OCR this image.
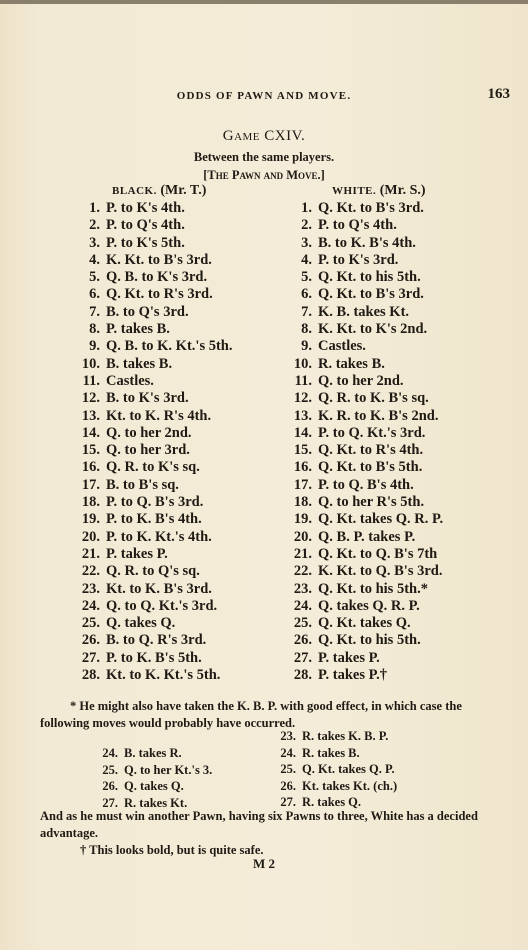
ODDS OF PAWN AND MOVE.	163
Game CXIV.
Between the same players.
[The Pawn and Move.]
BLACK. (Mr. T.)	WHITE. (Mr. S.)
1. P. to K's 4th.
2. P. to Q's 4th.
3. P. to K's 5th.
4. K. Kt. to B's 3rd.
5. Q. B. to K's 3rd.
6. Q. Kt. to R's 3rd.
7. B. to Q's 3rd.
8. P. takes B.
9. Q. B. to K. Kt.'s 5th.
10. B. takes B.
11. Castles.
12. B. to K's 3rd.
13. Kt. to K. R's 4th.
14. Q. to her 2nd.
15. Q. to her 3rd.
16. Q. R. to K's sq.
17. B. to B's sq.
18. P. to Q. B's 3rd.
19. P. to K. B's 4th.
20. P. to K. Kt.'s 4th.
21. P. takes P.
22. Q. R. to Q's sq.
23. Kt. to K. B's 3rd.
24. Q. to Q. Kt.'s 3rd.
25. Q. takes Q.
26. B. to Q. R's 3rd.
27. P. to K. B's 5th.
28. Kt. to K. Kt.'s 5th.
1. Q. Kt. to B's 3rd.
2. P. to Q's 4th.
3. B. to K. B's 4th.
4. P. to K's 3rd.
5. Q. Kt. to his 5th.
6. Q. Kt. to B's 3rd.
7. K. B. takes Kt.
8. K. Kt. to K's 2nd.
9. Castles.
10. R. takes B.
11. Q. to her 2nd.
12. Q. R. to K. B's sq.
13. K. R. to K. B's 2nd.
14. P. to Q. Kt.'s 3rd.
15. Q. Kt. to R's 4th.
16. Q. Kt. to B's 5th.
17. P. to Q. B's 4th.
18. Q. to her R's 5th.
19. Q. Kt. takes Q. R. P.
20. Q. B. P. takes P.
21. Q. Kt. to Q. B's 7th
22. K. Kt. to Q. B's 3rd.
23. Q. Kt. to his 5th.*
24. Q. takes Q. R. P.
25. Q. Kt. takes Q.
26. Q. Kt. to his 5th.
27. P. takes P.
28. P. takes P.†
* He might also have taken the K. B. P. with good effect, in which case the following moves would probably have occurred.
23. R. takes K. B. P.
24. R. takes B.
25. Q. Kt. takes Q. P.
26. Kt. takes Kt. (ch.)
27. R. takes Q.
24. B. takes R.
25. Q. to her Kt.'s 3.
26. Q. takes Q.
27. R. takes Kt.
And as he must win another Pawn, having six Pawns to three, White has a decided advantage.
† This looks bold, but is quite safe.
M 2
